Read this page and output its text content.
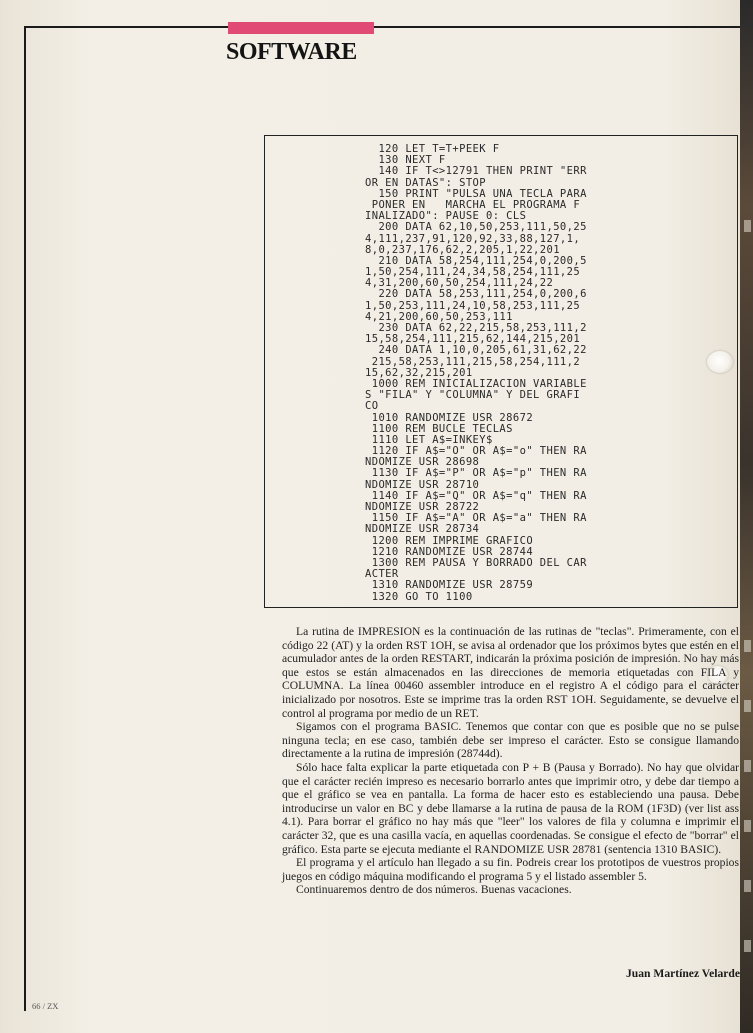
SOFTWARE
120 LET T=T+PEEK F
130 NEXT F
140 IF T<>12791 THEN PRINT "ERR
OR EN DATAS": STOP
150 PRINT "PULSA UNA TECLA PARA
PONER EN   MARCHA EL PROGRAMA F
INALIZADO": PAUSE 0: CLS
200 DATA 62,10,50,253,111,50,25
4,111,237,91,120,92,33,88,127,1,
8,0,237,176,62,2,205,1,22,201
210 DATA 58,254,111,254,0,200,5
1,50,254,111,24,34,58,254,111,25
4,31,200,60,50,254,111,24,22
220 DATA 58,253,111,254,0,200,6
1,50,253,111,24,10,58,253,111,25
4,21,200,60,50,253,111
230 DATA 62,22,215,58,253,111,2
15,58,254,111,215,62,144,215,201
240 DATA 1,10,0,205,61,31,62,22
215,58,253,111,215,58,254,111,2
15,62,32,215,201
1000 REM INICIALIZACION VARIABLE
S "FILA" Y "COLUMNA" Y DEL GRAFI
CO
1010 RANDOMIZE USR 28672
1100 REM BUCLE TECLAS
1110 LET A$=INKEY$
1120 IF A$="O" OR A$="o" THEN RA
NDOMIZE USR 28698
1130 IF A$="P" OR A$="p" THEN RA
NDOMIZE USR 28710
1140 IF A$="Q" OR A$="q" THEN RA
NDOMIZE USR 28722
1150 IF A$="A" OR A$="a" THEN RA
NDOMIZE USR 28734
1200 REM IMPRIME GRAFICO
1210 RANDOMIZE USR 28744
1300 REM PAUSA Y BORRADO DEL CAR
ACTER
1310 RANDOMIZE USR 28759
1320 GO TO 1100

La rutina de IMPRESION es la continuación de las rutinas de "teclas". Primeramente, con el código 22 (AT) y la orden RST 1OH, se avisa al ordenador que los próximos bytes que estén en el acumulador antes de la orden RESTART, indicarán la próxima posición de impresión. No hay más que estos se están almacenados en las direcciones de memoria etiquetadas con FILA y COLUMNA. La línea 00460 assembler introduce en el registro A el código para el carácter inicializado por nosotros. Este se imprime tras la orden RST 1OH. Seguidamente, se devuelve el control al programa por medio de un RET.

Sigamos con el programa BASIC. Tenemos que contar con que es posible que no se pulse ninguna tecla; en ese caso, también debe ser impreso el carácter. Esto se consigue llamando directamente a la rutina de impresión (28744d).

Sólo hace falta explicar la parte etiquetada con P + B (Pausa y Borrado). No hay que olvidar que el carácter recién impreso es necesario borrarlo antes que imprimir otro, y debe dar tiempo a que el gráfico se vea en pantalla. La forma de hacer esto es estableciendo una pausa. Debe introducirse un valor en BC y debe llamarse a la rutina de pausa de la ROM (1F3D) (ver list ass 4.1). Para borrar el gráfico no hay más que "leer" los valores de fila y columna e imprimir el carácter 32, que es una casilla vacía, en aquellas coordenadas. Se consigue el efecto de "borrar" el gráfico. Esta parte se ejecuta mediante el RANDOMIZE USR 28781 (sentencia 1310 BASIC).

El programa y el artículo han llegado a su fin. Podreis crear los prototipos de vuestros propios juegos en código máquina modificando el programa 5 y el listado assembler 5.

Continuaremos dentro de dos números. Buenas vacaciones.

Juan Martínez Velarde
66 / ZX
